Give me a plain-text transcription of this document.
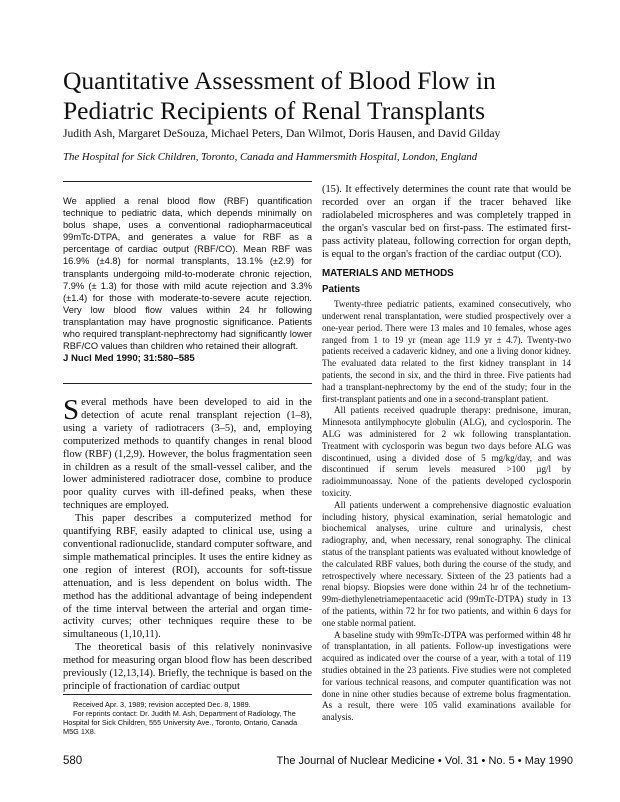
Quantitative Assessment of Blood Flow in
Pediatric Recipients of Renal Transplants
Judith Ash, Margaret DeSouza, Michael Peters, Dan Wilmot, Doris Hausen, and David Gilday
The Hospital for Sick Children, Toronto, Canada and Hammersmith Hospital, London, England
We applied a renal blood flow (RBF) quantification technique to pediatric data, which depends minimally on bolus shape, uses a conventional radiopharmaceutical 99mTc-DTPA, and generates a value for RBF as a percentage of cardiac output (RBF/CO). Mean RBF was 16.9% (±4.8) for normal transplants, 13.1% (±2.9) for transplants undergoing mild-to-moderate chronic rejection, 7.9% (± 1.3) for those with mild acute rejection and 3.3% (±1.4) for those with moderate-to-severe acute rejection. Very low blood flow values within 24 hr following transplantation may have prognostic significance. Patients who required transplant-nephrectomy had significantly lower RBF/CO values than children who retained their allograft.
J Nucl Med 1990; 31:580–585

Several methods have been developed to aid in the detection of acute renal transplant rejection (1–8), using a variety of radiotracers (3–5), and, employing computerized methods to quantify changes in renal blood flow (RBF) (1,2,9). However, the bolus fragmentation seen in children as a result of the small-vessel caliber, and the lower administered radiotracer dose, combine to produce poor quality curves with ill-defined peaks, when these techniques are employed.

This paper describes a computerized method for quantifying RBF, easily adapted to clinical use, using a conventional radionuclide, standard computer software, and simple mathematical principles. It uses the entire kidney as one region of interest (ROI), accounts for soft-tissue attenuation, and is less dependent on bolus width. The method has the additional advantage of being independent of the time interval between the arterial and organ time-activity curves; other techniques require these to be simultaneous (1,10,11).

The theoretical basis of this relatively noninvasive method for measuring organ blood flow has been described previously (12,13,14). Briefly, the technique is based on the principle of fractionation of cardiac output

Received Apr. 3, 1989; revision accepted Dec. 8, 1989.

For reprints contact: Dr. Judith M. Ash, Department of Radiology, The Hospital for Sick Children, 555 University Ave., Toronto, Ontario, Canada M5G 1X8.

(15). It effectively determines the count rate that would be recorded over an organ if the tracer behaved like radiolabeled microspheres and was completely trapped in the organ's vascular bed on first-pass. The estimated first-pass activity plateau, following correction for organ depth, is equal to the organ's fraction of the cardiac output (CO).

MATERIALS AND METHODS
Patients

Twenty-three pediatric patients, examined consecutively, who underwent renal transplantation, were studied prospectively over a one-year period. There were 13 males and 10 females, whose ages ranged from 1 to 19 yr (mean age 11.9 yr ± 4.7). Twenty-two patients received a cadaveric kidney, and one a living donor kidney. The evaluated data related to the first kidney transplant in 14 patients, the second in six, and the third in three. Five patients had had a transplant-nephrectomy by the end of the study; four in the first-transplant patients and one in a second-transplant patient.

All patients received quadruple therapy: prednisone, imuran, Minnesota antilymphocyte globulin (ALG), and cyclosporin. The ALG was administered for 2 wk following transplantation. Treatment with cyclosporin was begun two days before ALG was discontinued, using a divided dose of 5 mg/kg/day, and was discontinued if serum levels measured >100 µg/l by radioimmunoassay. None of the patients developed cyclosporin toxicity.

All patients underwent a comprehensive diagnostic evaluation including history, physical examination, serial hematologic and biochemical analyses, urine culture and urinalysis, chest radiography, and, when necessary, renal sonography. The clinical status of the transplant patients was evaluated without knowledge of the calculated RBF values, both during the course of the study, and retrospectively where necessary. Sixteen of the 23 patients had a renal biopsy. Biopsies were done within 24 hr of the technetium-99m-diethylenetriamepentaacetic acid (99mTc-DTPA) study in 13 of the patients, within 72 hr for two patients, and within 6 days for one stable normal patient.

A baseline study with 99mTc-DTPA was performed within 48 hr of transplantation, in all patients. Follow-up investigations were acquired as indicated over the course of a year, with a total of 119 studies obtained in the 23 patients. Five studies were not completed for various technical reasons, and computer quantification was not done in nine other studies because of extreme bolus fragmentation. As a result, there were 105 valid examinations available for analysis.

580	The Journal of Nuclear Medicine • Vol. 31 • No. 5 • May 1990
